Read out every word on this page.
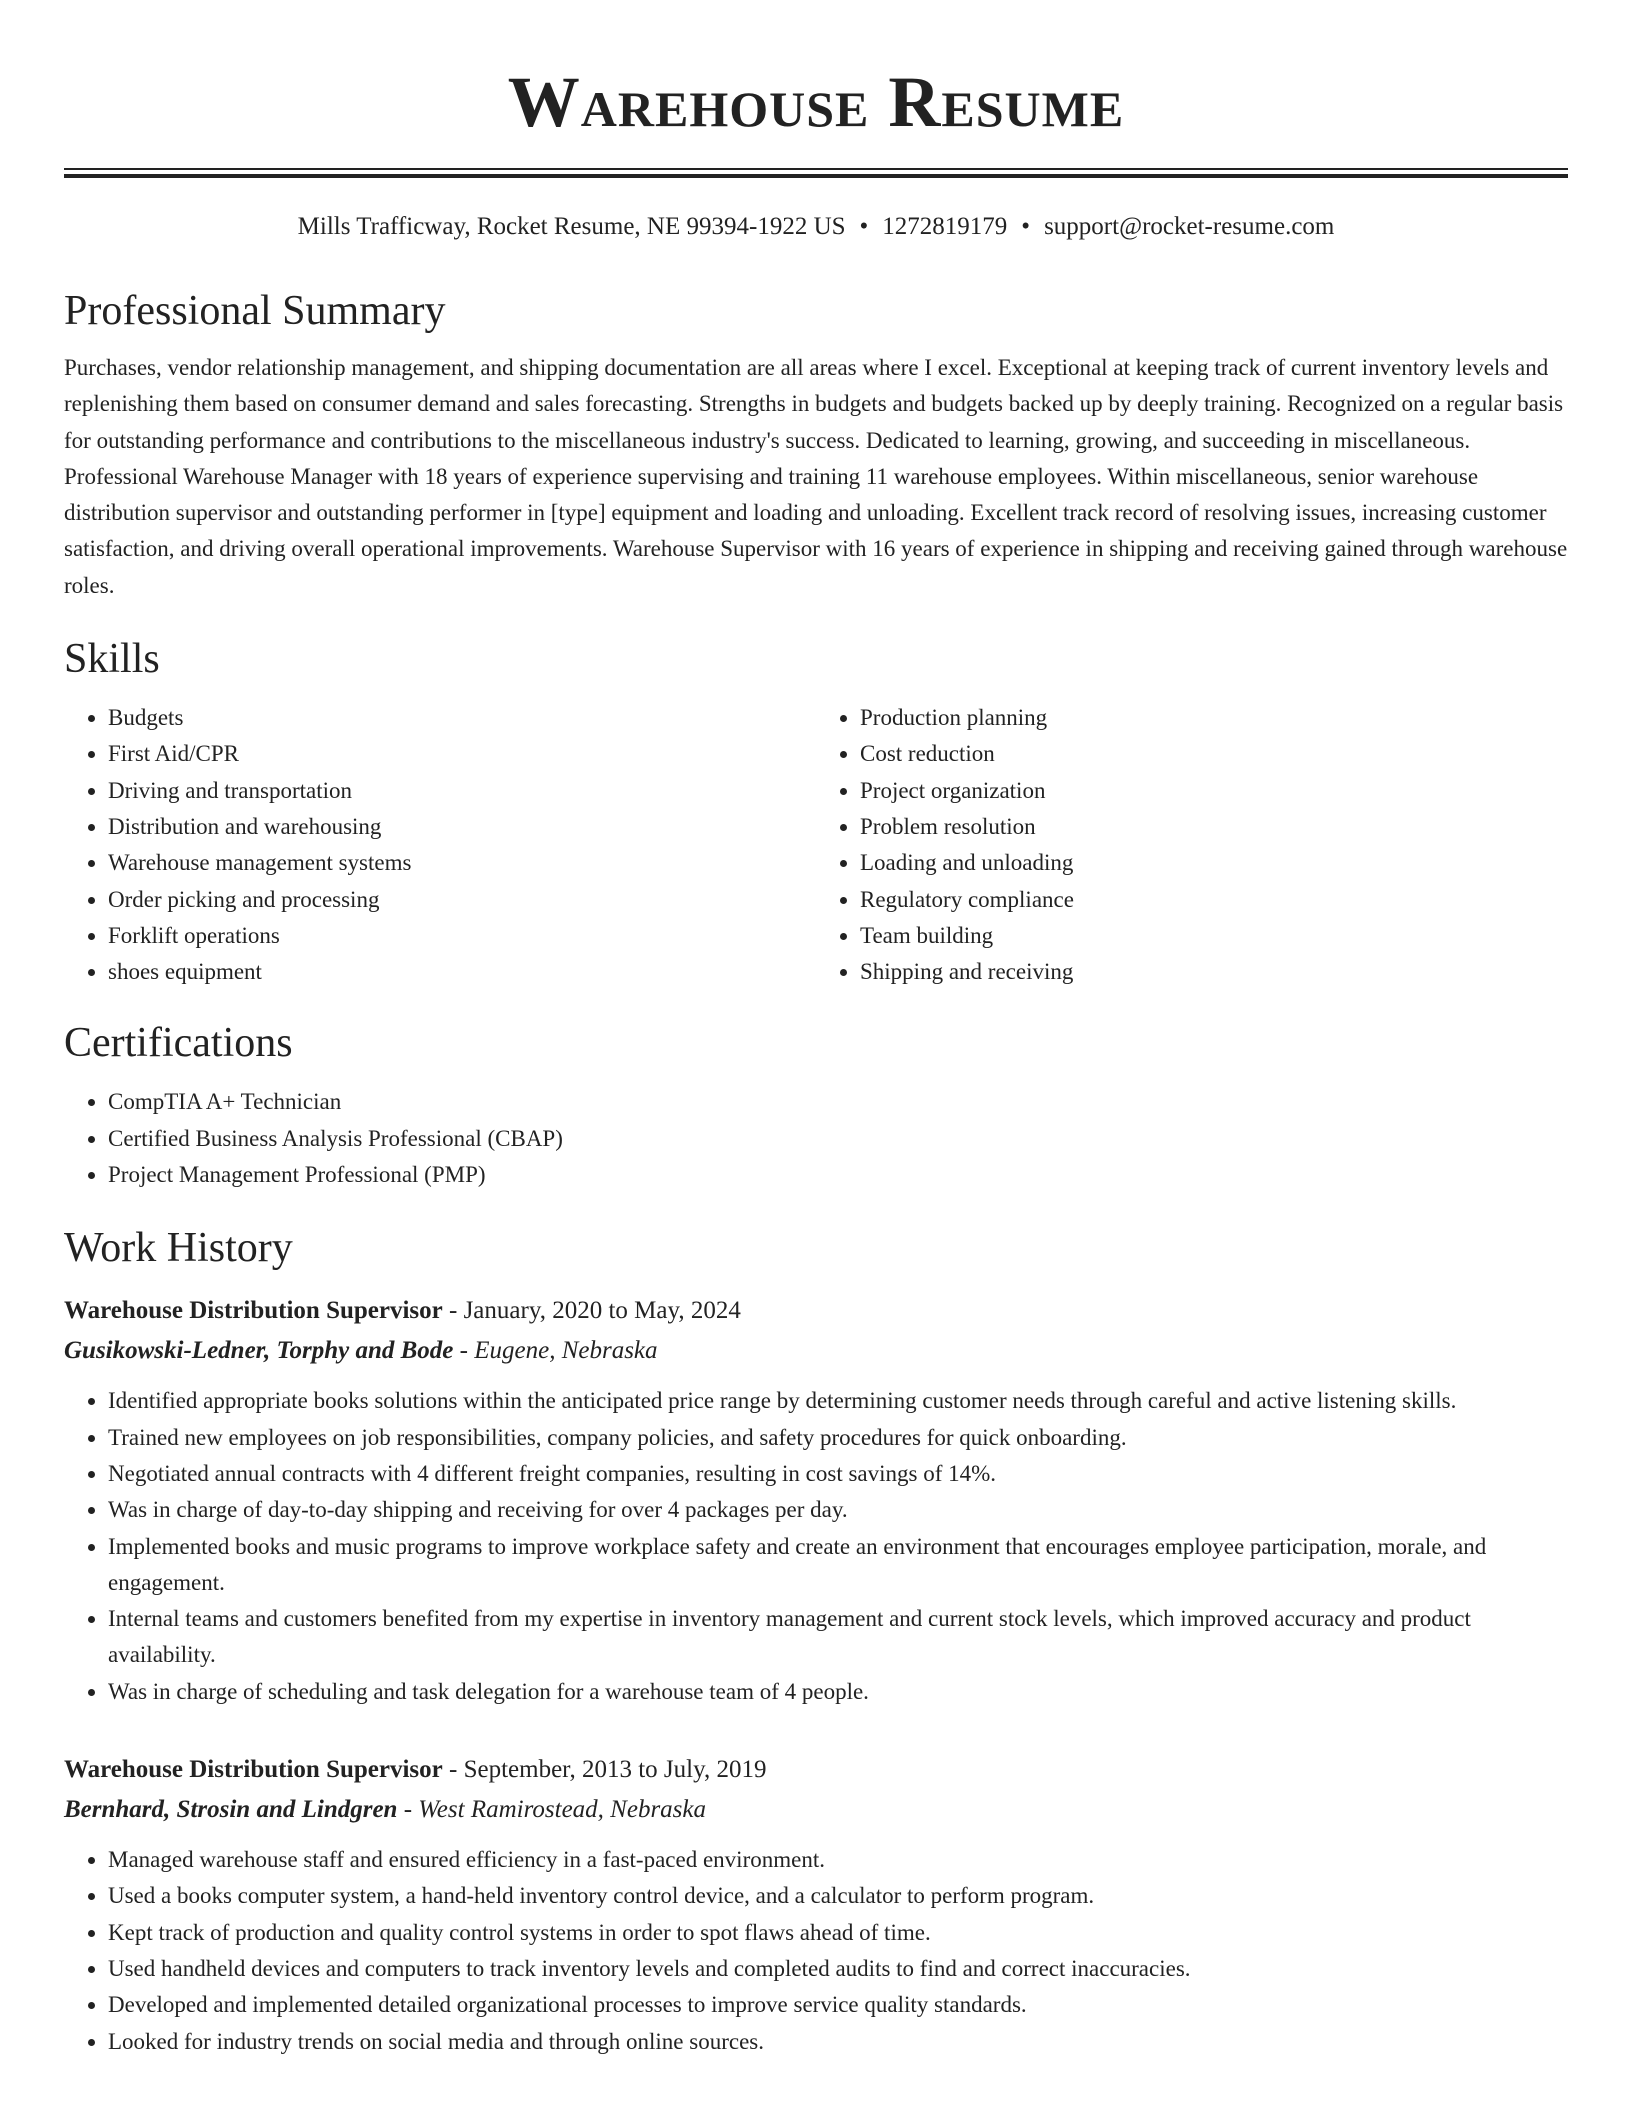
Warehouse Resume
Mills Trafficway, Rocket Resume, NE 99394-1922 US • 1272819179 • support@rocket-resume.com
Professional Summary

Purchases, vendor relationship management, and shipping documentation are all areas where I excel. Exceptional at keeping track of current inventory levels and replenishing them based on consumer demand and sales forecasting. Strengths in budgets and budgets backed up by deeply training. Recognized on a regular basis for outstanding performance and contributions to the miscellaneous industry's success. Dedicated to learning, growing, and succeeding in miscellaneous. Professional Warehouse Manager with 18 years of experience supervising and training 11 warehouse employees. Within miscellaneous, senior warehouse distribution supervisor and outstanding performer in [type] equipment and loading and unloading. Excellent track record of resolving issues, increasing customer satisfaction, and driving overall operational improvements. Warehouse Supervisor with 16 years of experience in shipping and receiving gained through warehouse roles.

Skills
• Budgets
• First Aid/CPR
• Driving and transportation
• Distribution and warehousing
• Warehouse management systems
• Order picking and processing
• Forklift operations
• shoes equipment
• Production planning
• Cost reduction
• Project organization
• Problem resolution
• Loading and unloading
• Regulatory compliance
• Team building
• Shipping and receiving
Certifications
• CompTIA A+ Technician
• Certified Business Analysis Professional (CBAP)
• Project Management Professional (PMP)
Work History
Warehouse Distribution Supervisor - January, 2020 to May, 2024
Gusikowski-Ledner, Torphy and Bode - Eugene, Nebraska
• Identified appropriate books solutions within the anticipated price range by determining customer needs through careful and active listening skills.
• Trained new employees on job responsibilities, company policies, and safety procedures for quick onboarding.
• Negotiated annual contracts with 4 different freight companies, resulting in cost savings of 14%.
• Was in charge of day-to-day shipping and receiving for over 4 packages per day.
• Implemented books and music programs to improve workplace safety and create an environment that encourages employee participation, morale, and engagement.
• Internal teams and customers benefited from my expertise in inventory management and current stock levels, which improved accuracy and product availability.
• Was in charge of scheduling and task delegation for a warehouse team of 4 people.
Warehouse Distribution Supervisor - September, 2013 to July, 2019
Bernhard, Strosin and Lindgren - West Ramirostead, Nebraska
• Managed warehouse staff and ensured efficiency in a fast-paced environment.
• Used a books computer system, a hand-held inventory control device, and a calculator to perform program.
• Kept track of production and quality control systems in order to spot flaws ahead of time.
• Used handheld devices and computers to track inventory levels and completed audits to find and correct inaccuracies.
• Developed and implemented detailed organizational processes to improve service quality standards.
• Looked for industry trends on social media and through online sources.
